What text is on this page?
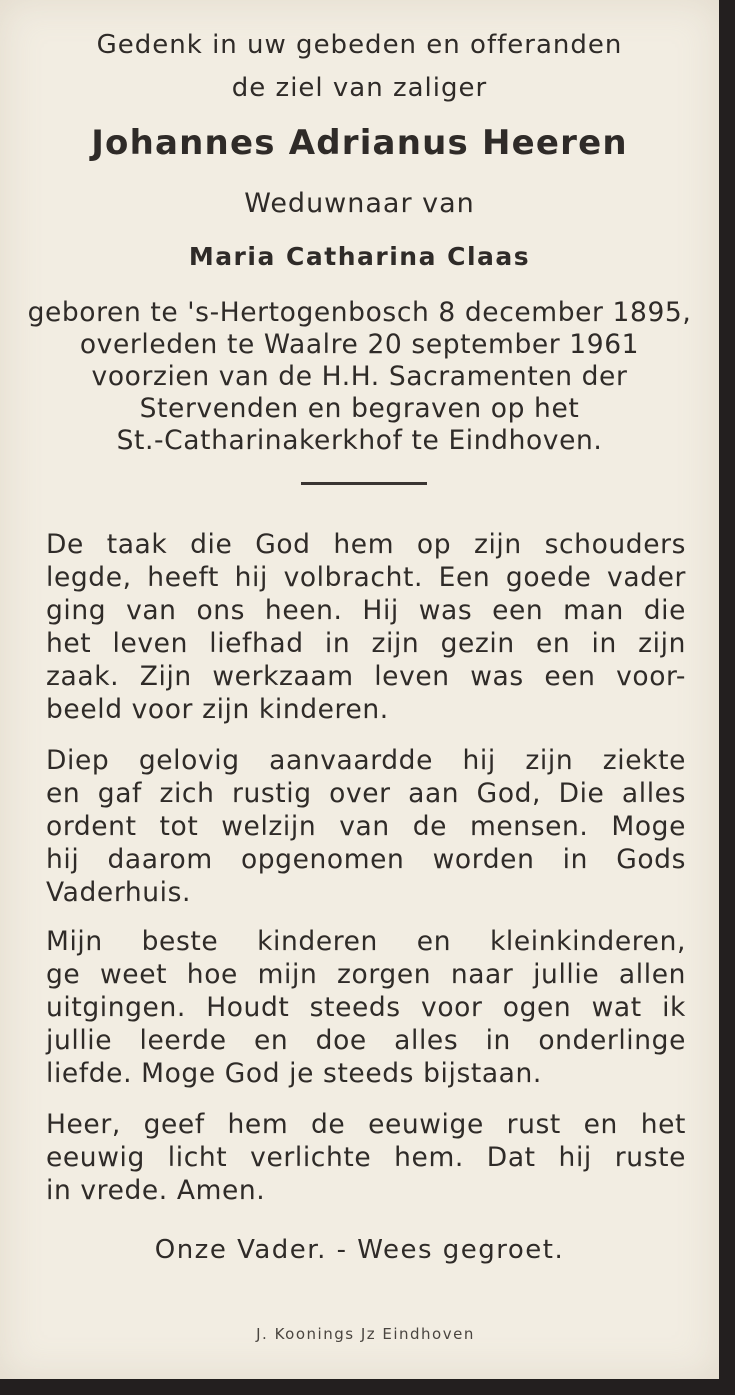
Gedenk in uw gebeden en offeranden
de ziel van zaliger
Johannes Adrianus Heeren
Weduwnaar van
Maria Catharina Claas
geboren te 's-Hertogenbosch 8 december 1895,
overleden te Waalre 20 september 1961
voorzien van de H.H. Sacramenten der
Stervenden en begraven op het
St.-Catharinakerkhof te Eindhoven.
De taak die God hem op zijn schouders
legde, heeft hij volbracht. Een goede vader
ging van ons heen. Hij was een man die
het leven liefhad in zijn gezin en in zijn
zaak. Zijn werkzaam leven was een voor-
beeld voor zijn kinderen.
Diep gelovig aanvaardde hij zijn ziekte
en gaf zich rustig over aan God, Die alles
ordent tot welzijn van de mensen. Moge
hij daarom opgenomen worden in Gods
Vaderhuis.
Mijn beste kinderen en kleinkinderen,
ge weet hoe mijn zorgen naar jullie allen
uitgingen. Houdt steeds voor ogen wat ik
jullie leerde en doe alles in onderlinge
liefde. Moge God je steeds bijstaan.
Heer, geef hem de eeuwige rust en het
eeuwig licht verlichte hem. Dat hij ruste
in vrede. Amen.
Onze Vader. - Wees gegroet.
J. Koonings Jz Eindhoven
